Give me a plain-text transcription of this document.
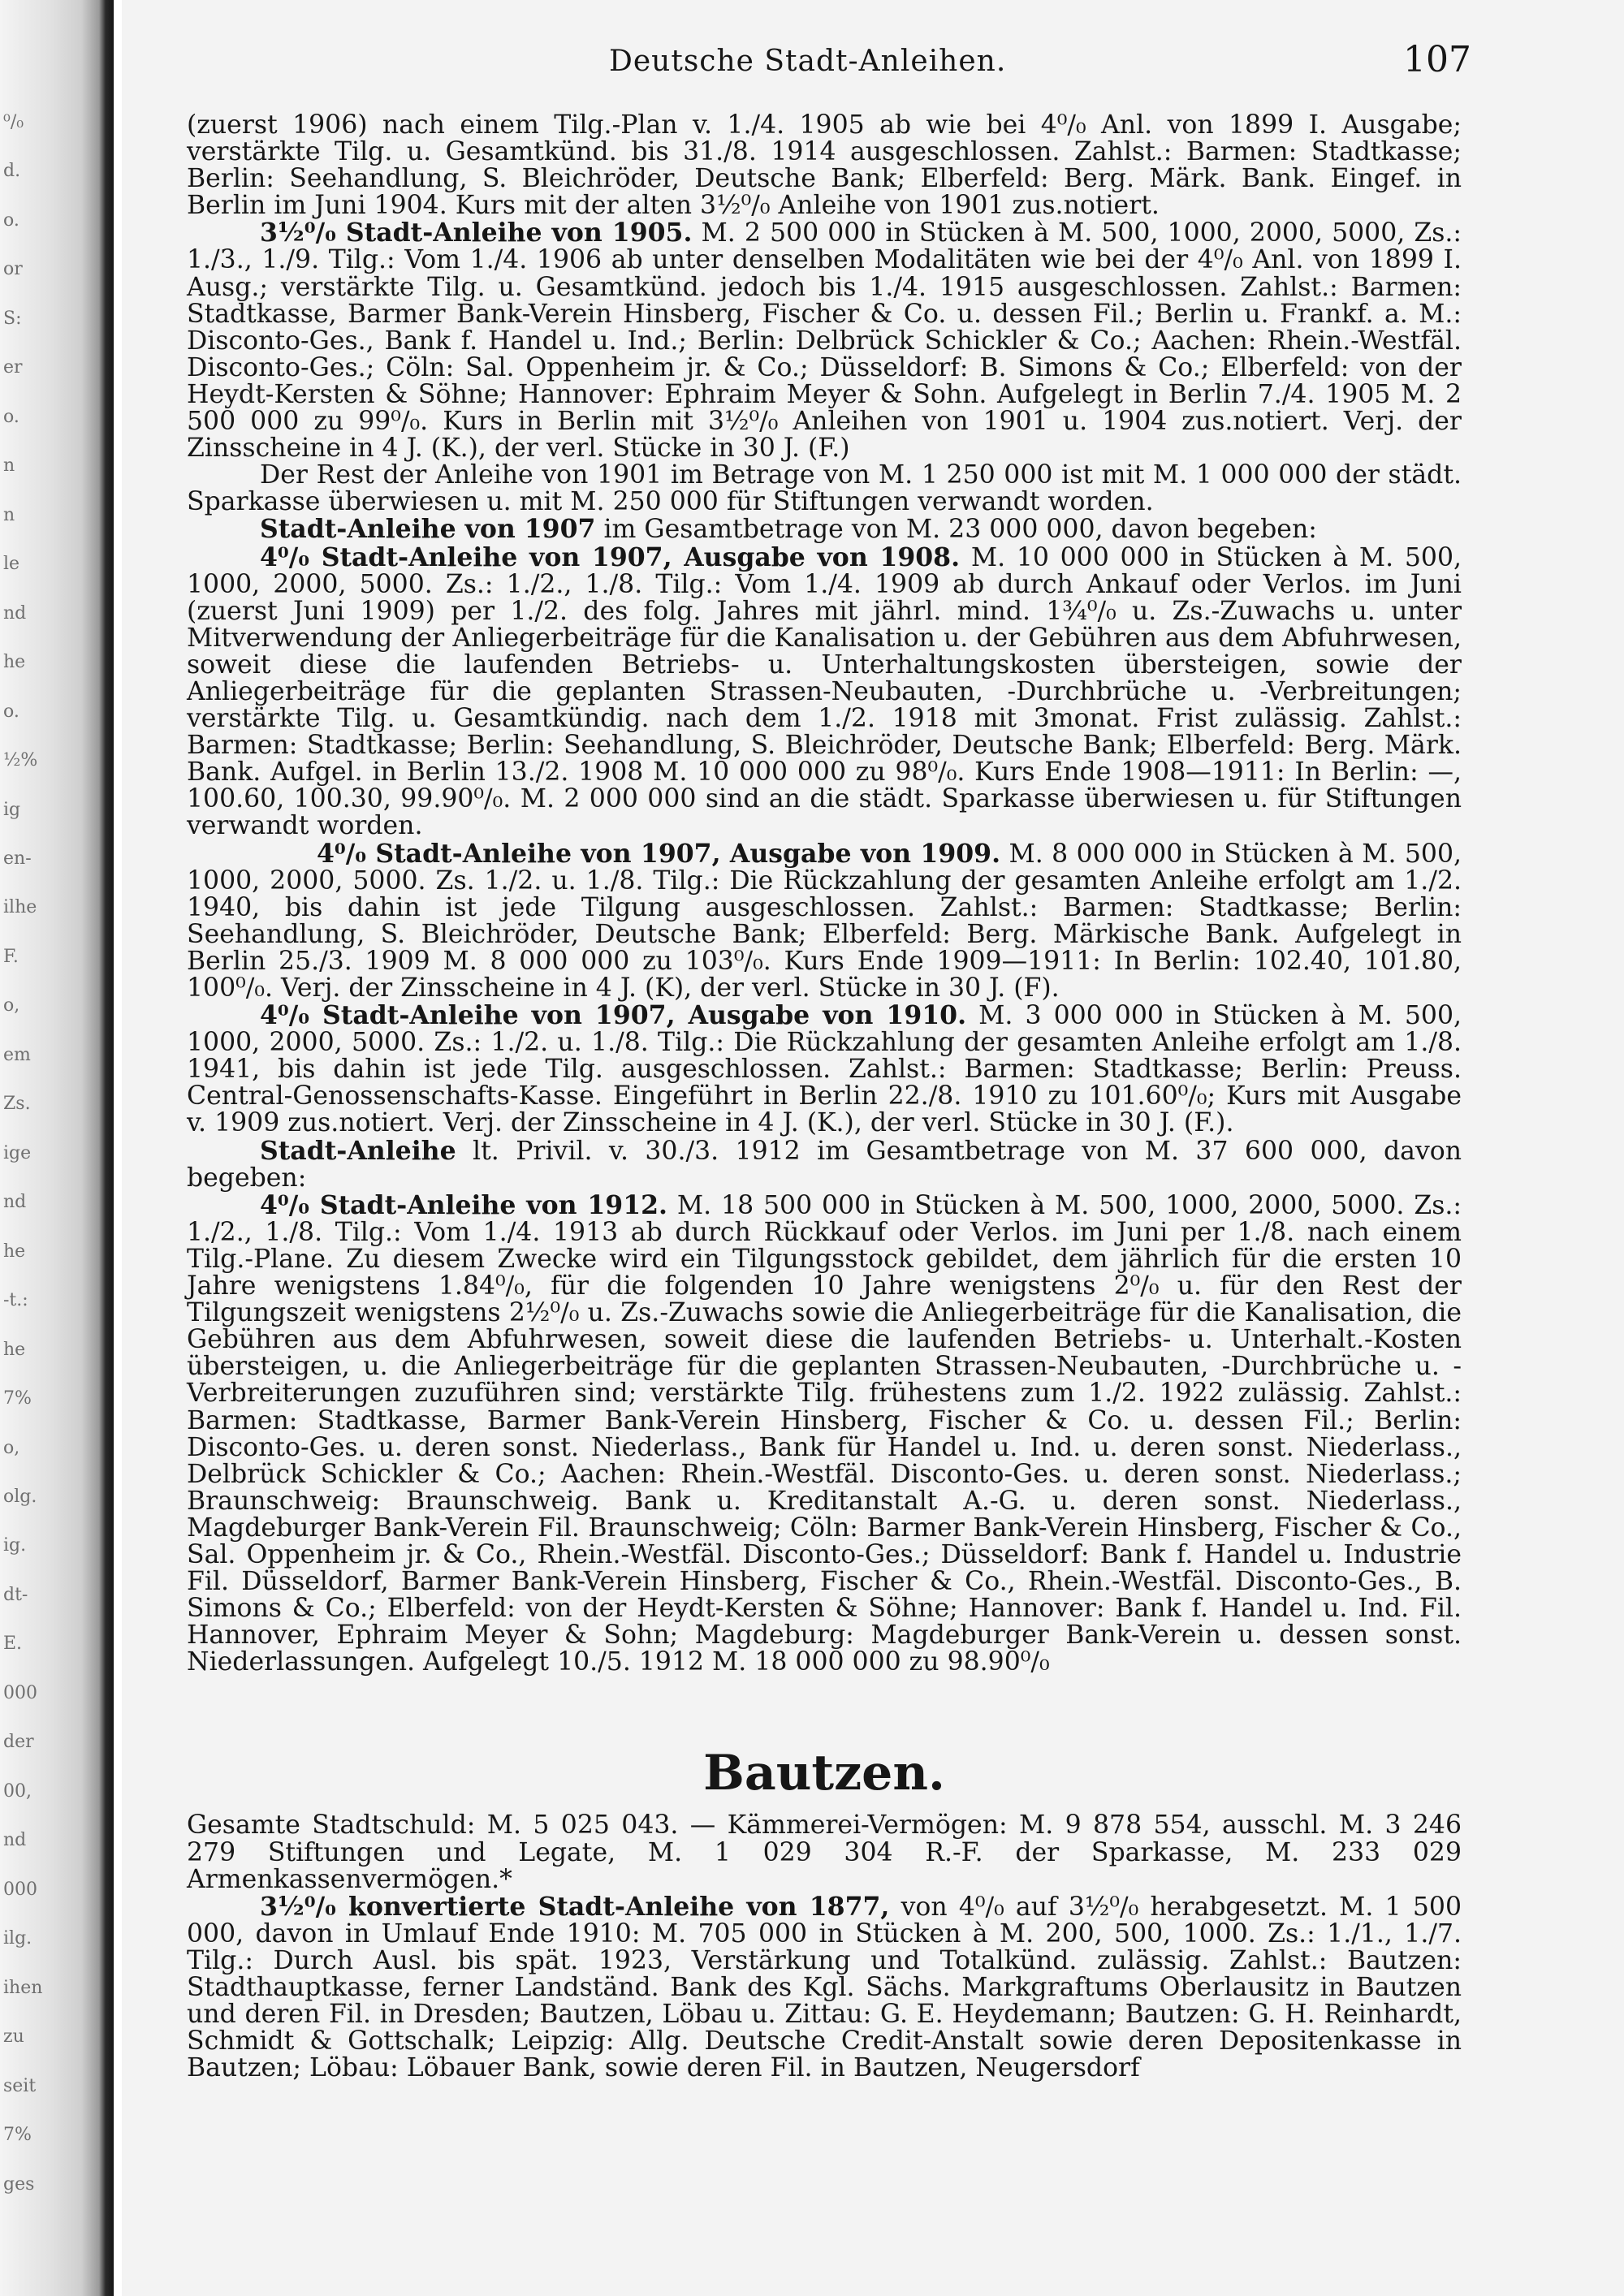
⁰/₀
d.
o.
or
S:
er
o.
n
n
le
nd
he
o.
½%
ig
en-
ilhe
F.
o,
em
Zs.
ige
nd
he
-t.:
he
7%
o,
olg.
ig.
dt-
E.
000
der
00,
nd
000
ilg.
ihen
zu
seit
7%
ges
Deutsche Stadt-Anleihen.	107

(zuerst 1906) nach einem Tilg.-Plan v. 1./4. 1905 ab wie bei 4⁰/₀ Anl. von 1899 I. Ausgabe; verstärkte Tilg. u. Gesamtkünd. bis 31./8. 1914 ausgeschlossen. Zahlst.: Barmen: Stadtkasse; Berlin: Seehandlung, S. Bleichröder, Deutsche Bank; Elberfeld: Berg. Märk. Bank. Eingef. in Berlin im Juni 1904. Kurs mit der alten 3½⁰/₀ Anleihe von 1901 zus.notiert.

3½⁰/₀ Stadt-Anleihe von 1905. M. 2 500 000 in Stücken à M. 500, 1000, 2000, 5000, Zs.: 1./3., 1./9. Tilg.: Vom 1./4. 1906 ab unter denselben Modalitäten wie bei der 4⁰/₀ Anl. von 1899 I. Ausg.; verstärkte Tilg. u. Gesamtkünd. jedoch bis 1./4. 1915 ausgeschlossen. Zahlst.: Barmen: Stadtkasse, Barmer Bank-Verein Hinsberg, Fischer & Co. u. dessen Fil.; Berlin u. Frankf. a. M.: Disconto-Ges., Bank f. Handel u. Ind.; Berlin: Delbrück Schickler & Co.; Aachen: Rhein.-Westfäl. Disconto-Ges.; Cöln: Sal. Oppenheim jr. & Co.; Düsseldorf: B. Simons & Co.; Elberfeld: von der Heydt-Kersten & Söhne; Hannover: Ephraim Meyer & Sohn. Aufgelegt in Berlin 7./4. 1905 M. 2 500 000 zu 99⁰/₀. Kurs in Berlin mit 3½⁰/₀ Anleihen von 1901 u. 1904 zus.notiert. Verj. der Zinsscheine in 4 J. (K.), der verl. Stücke in 30 J. (F.)

Der Rest der Anleihe von 1901 im Betrage von M. 1 250 000 ist mit M. 1 000 000 der städt. Sparkasse überwiesen u. mit M. 250 000 für Stiftungen verwandt worden.

Stadt-Anleihe von 1907 im Gesamtbetrage von M. 23 000 000, davon begeben:

4⁰/₀ Stadt-Anleihe von 1907, Ausgabe von 1908. M. 10 000 000 in Stücken à M. 500, 1000, 2000, 5000. Zs.: 1./2., 1./8. Tilg.: Vom 1./4. 1909 ab durch Ankauf oder Verlos. im Juni (zuerst Juni 1909) per 1./2. des folg. Jahres mit jährl. mind. 1¾⁰/₀ u. Zs.-Zuwachs u. unter Mitverwendung der Anliegerbeiträge für die Kanalisation u. der Gebühren aus dem Abfuhrwesen, soweit diese die laufenden Betriebs- u. Unterhaltungskosten übersteigen, sowie der Anliegerbeiträge für die geplanten Strassen-Neubauten, -Durchbrüche u. -Verbreitungen; verstärkte Tilg. u. Gesamtkündig. nach dem 1./2. 1918 mit 3monat. Frist zulässig. Zahlst.: Barmen: Stadtkasse; Berlin: Seehandlung, S. Bleichröder, Deutsche Bank; Elberfeld: Berg. Märk. Bank. Aufgel. in Berlin 13./2. 1908 M. 10 000 000 zu 98⁰/₀. Kurs Ende 1908—1911: In Berlin: —, 100.60, 100.30, 99.90⁰/₀. M. 2 000 000 sind an die städt. Sparkasse überwiesen u. für Stiftungen verwandt worden.

4⁰/₀ Stadt-Anleihe von 1907, Ausgabe von 1909. M. 8 000 000 in Stücken à M. 500, 1000, 2000, 5000. Zs. 1./2. u. 1./8. Tilg.: Die Rückzahlung der gesamten Anleihe erfolgt am 1./2. 1940, bis dahin ist jede Tilgung ausgeschlossen. Zahlst.: Barmen: Stadtkasse; Berlin: Seehandlung, S. Bleichröder, Deutsche Bank; Elberfeld: Berg. Märkische Bank. Aufgelegt in Berlin 25./3. 1909 M. 8 000 000 zu 103⁰/₀. Kurs Ende 1909—1911: In Berlin: 102.40, 101.80, 100⁰/₀. Verj. der Zinsscheine in 4 J. (K), der verl. Stücke in 30 J. (F).

4⁰/₀ Stadt-Anleihe von 1907, Ausgabe von 1910. M. 3 000 000 in Stücken à M. 500, 1000, 2000, 5000. Zs.: 1./2. u. 1./8. Tilg.: Die Rückzahlung der gesamten Anleihe erfolgt am 1./8. 1941, bis dahin ist jede Tilg. ausgeschlossen. Zahlst.: Barmen: Stadtkasse; Berlin: Preuss. Central-Genossenschafts-Kasse. Eingeführt in Berlin 22./8. 1910 zu 101.60⁰/₀; Kurs mit Ausgabe v. 1909 zus.notiert. Verj. der Zinsscheine in 4 J. (K.), der verl. Stücke in 30 J. (F.).

Stadt-Anleihe lt. Privil. v. 30./3. 1912 im Gesamtbetrage von M. 37 600 000, davon begeben:

4⁰/₀ Stadt-Anleihe von 1912. M. 18 500 000 in Stücken à M. 500, 1000, 2000, 5000. Zs.: 1./2., 1./8. Tilg.: Vom 1./4. 1913 ab durch Rückkauf oder Verlos. im Juni per 1./8. nach einem Tilg.-Plane. Zu diesem Zwecke wird ein Tilgungsstock gebildet, dem jährlich für die ersten 10 Jahre wenigstens 1.84⁰/₀, für die folgenden 10 Jahre wenigstens 2⁰/₀ u. für den Rest der Tilgungszeit wenigstens 2½⁰/₀ u. Zs.-Zuwachs sowie die Anliegerbeiträge für die Kanalisation, die Gebühren aus dem Abfuhrwesen, soweit diese die laufenden Betriebs- u. Unterhalt.-Kosten übersteigen, u. die Anliegerbeiträge für die geplanten Strassen-Neubauten, -Durchbrüche u. -Verbreiterungen zuzuführen sind; verstärkte Tilg. frühestens zum 1./2. 1922 zulässig. Zahlst.: Barmen: Stadtkasse, Barmer Bank-Verein Hinsberg, Fischer & Co. u. dessen Fil.; Berlin: Disconto-Ges. u. deren sonst. Niederlass., Bank für Handel u. Ind. u. deren sonst. Niederlass., Delbrück Schickler & Co.; Aachen: Rhein.-Westfäl. Disconto-Ges. u. deren sonst. Niederlass.; Braunschweig: Braunschweig. Bank u. Kreditanstalt A.-G. u. deren sonst. Niederlass., Magdeburger Bank-Verein Fil. Braunschweig; Cöln: Barmer Bank-Verein Hinsberg, Fischer & Co., Sal. Oppenheim jr. & Co., Rhein.-Westfäl. Disconto-Ges.; Düsseldorf: Bank f. Handel u. Industrie Fil. Düsseldorf, Barmer Bank-Verein Hinsberg, Fischer & Co., Rhein.-Westfäl. Disconto-Ges., B. Simons & Co.; Elberfeld: von der Heydt-Kersten & Söhne; Hannover: Bank f. Handel u. Ind. Fil. Hannover, Ephraim Meyer & Sohn; Magdeburg: Magdeburger Bank-Verein u. dessen sonst. Niederlassungen. Aufgelegt 10./5. 1912 M. 18 000 000 zu 98.90⁰/₀

Bautzen.

Gesamte Stadtschuld: M. 5 025 043. — Kämmerei-Vermögen: M. 9 878 554, ausschl. M. 3 246 279 Stiftungen und Legate, M. 1 029 304 R.-F. der Sparkasse, M. 233 029 Armenkassenvermögen.*

3½⁰/₀ konvertierte Stadt-Anleihe von 1877, von 4⁰/₀ auf 3½⁰/₀ herabgesetzt. M. 1 500 000, davon in Umlauf Ende 1910: M. 705 000 in Stücken à M. 200, 500, 1000. Zs.: 1./1., 1./7. Tilg.: Durch Ausl. bis spät. 1923, Verstärkung und Totalkünd. zulässig. Zahlst.: Bautzen: Stadthauptkasse, ferner Landständ. Bank des Kgl. Sächs. Markgraftums Oberlausitz in Bautzen und deren Fil. in Dresden; Bautzen, Löbau u. Zittau: G. E. Heydemann; Bautzen: G. H. Reinhardt, Schmidt & Gottschalk; Leipzig: Allg. Deutsche Credit-Anstalt sowie deren Depositenkasse in Bautzen; Löbau: Löbauer Bank, sowie deren Fil. in Bautzen, Neugersdorf
